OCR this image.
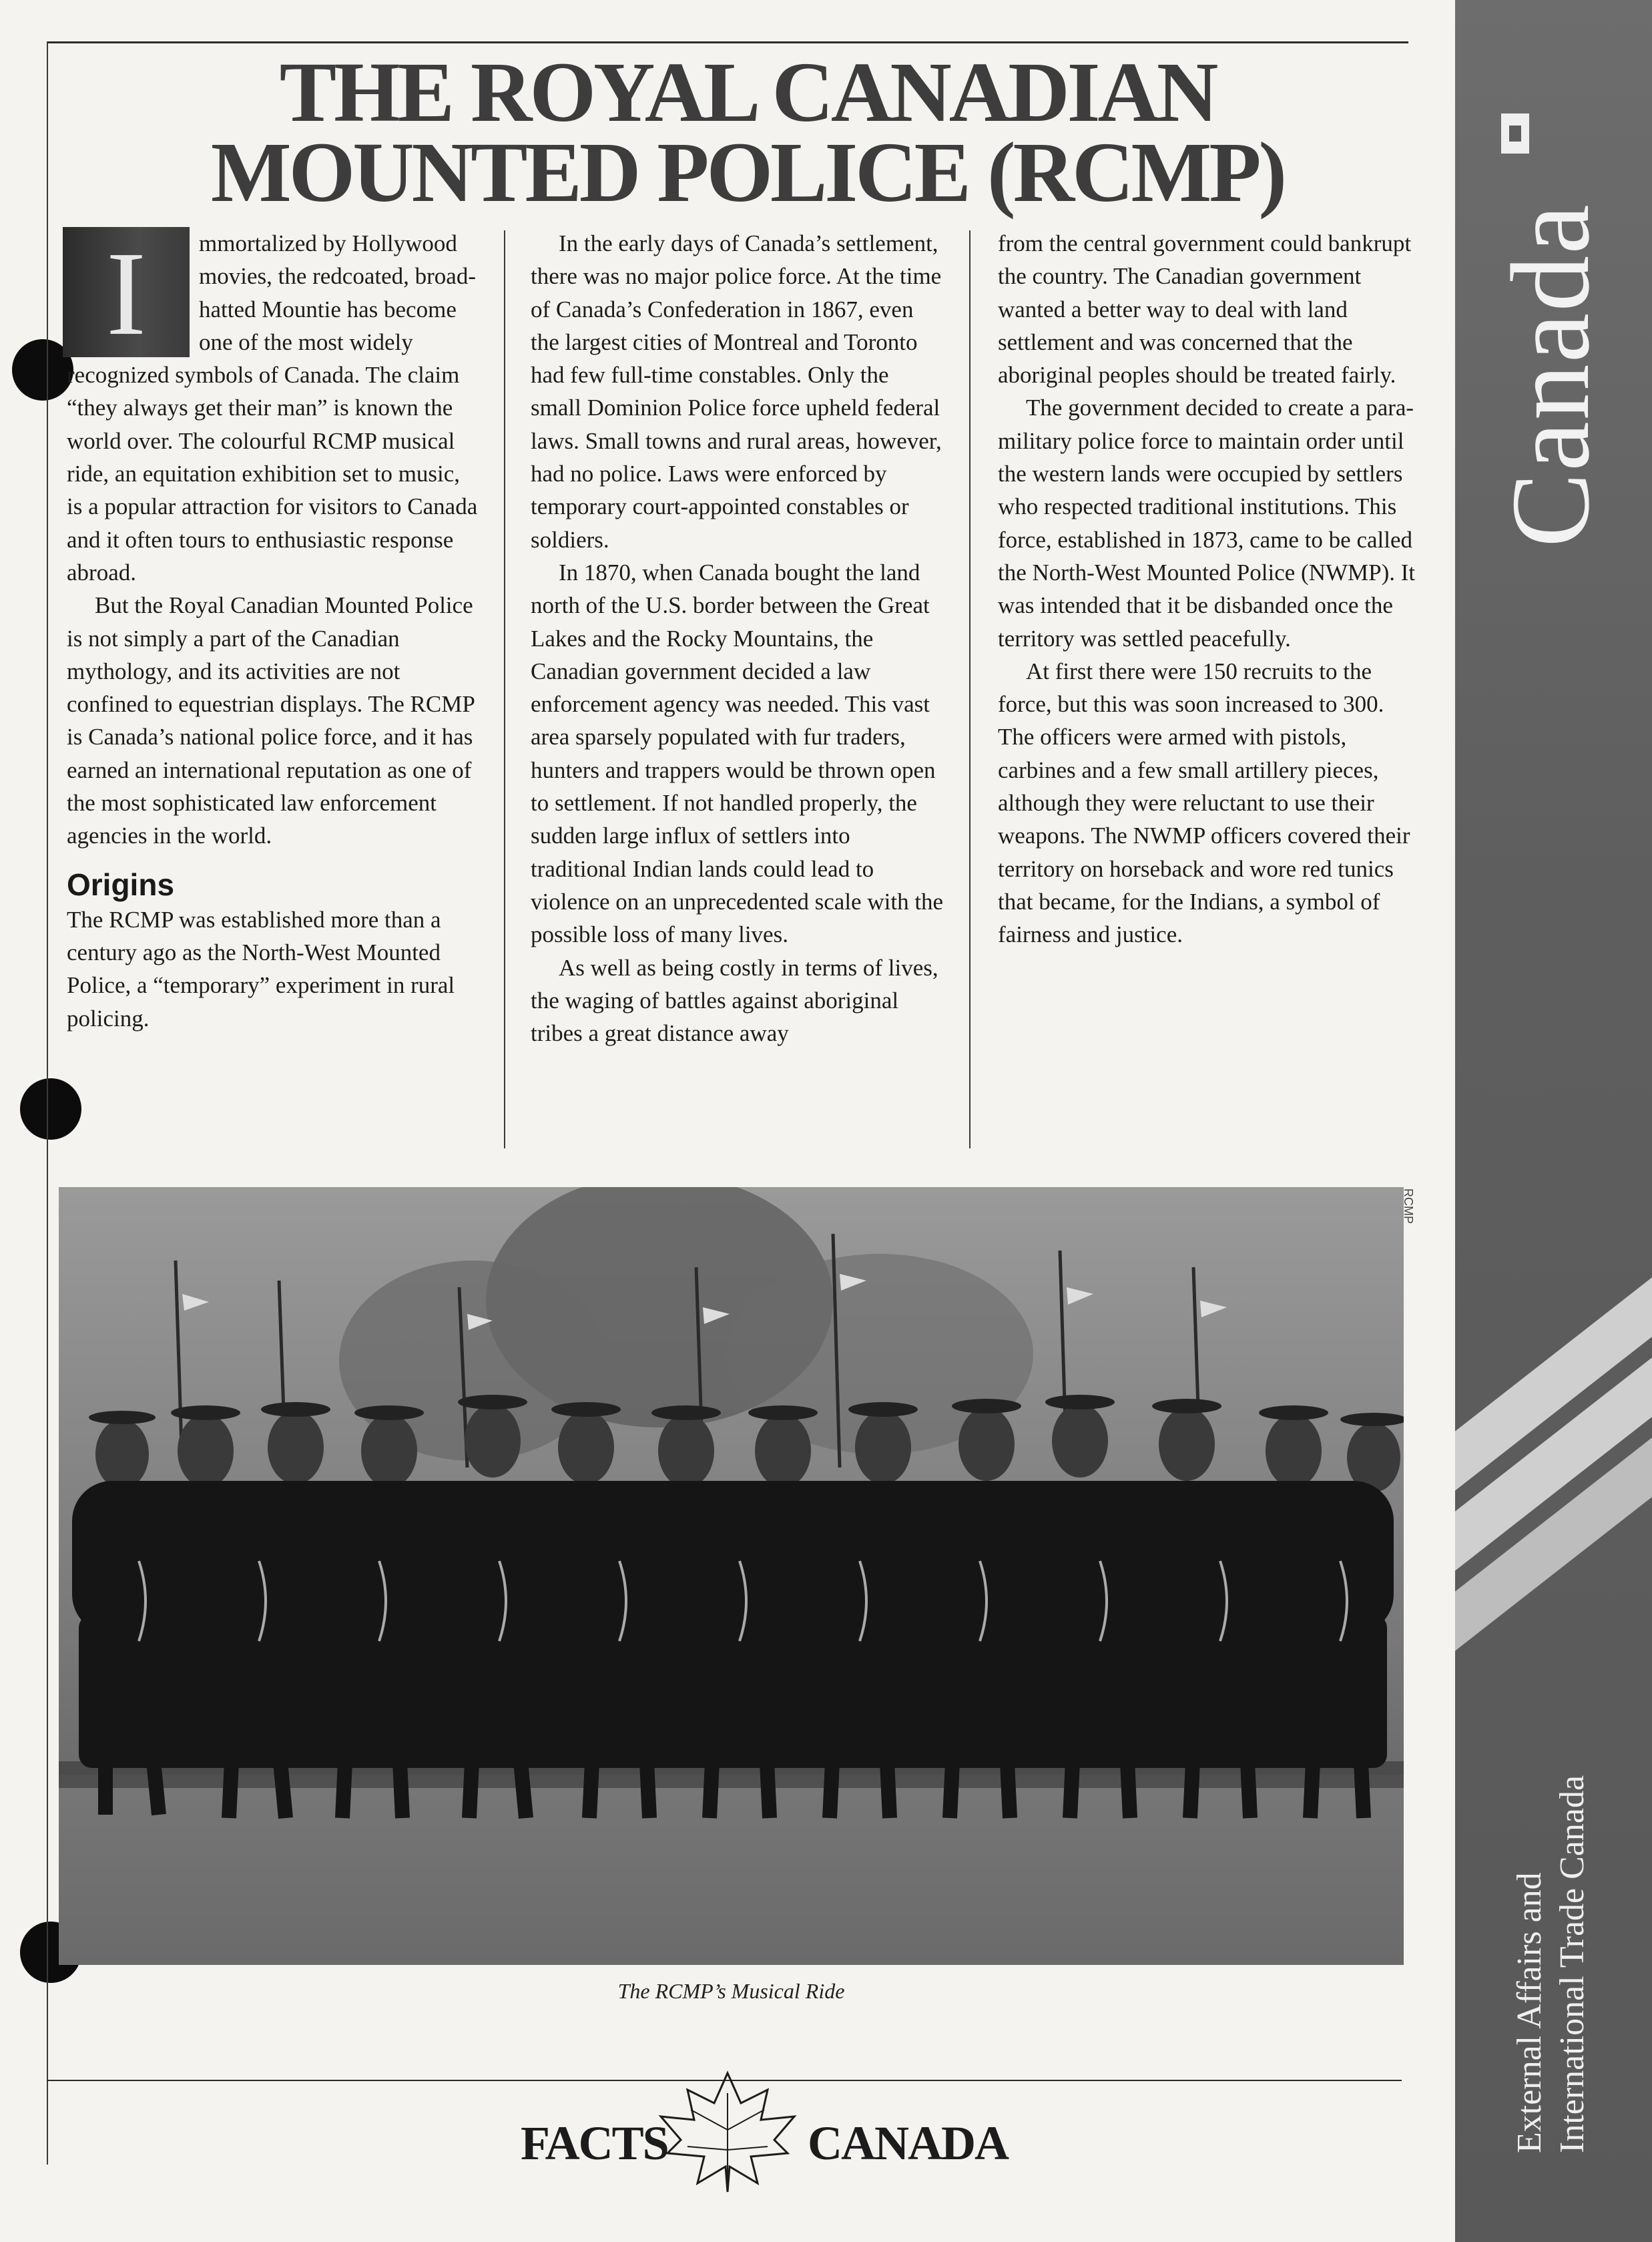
Canada
External Affairs and International Trade Canada
THE ROYAL CANADIAN
MOUNTED POLICE (RCMP)

I	mmortalized by Hollywood movies, the redcoated, broad-hatted Mountie has become one of the most widely recognized symbols of Canada. The claim “they always get their man” is known the world over. The colourful RCMP musical ride, an equitation exhibition set to music, is a popular attraction for visitors to Canada and it often tours to enthusiastic response abroad.

But the Royal Canadian Mounted Police is not simply a part of the Canadian mythology, and its activities are not confined to equestrian displays. The RCMP is Canada’s national police force, and it has earned an international reputation as one of the most sophisticated law enforcement agencies in the world.

Origins

The RCMP was established more than a century ago as the North-West Mounted Police, a “temporary” experiment in rural policing.

In the early days of Canada’s settlement, there was no major police force. At the time of Canada’s Confederation in 1867, even the largest cities of Montreal and Toronto had few full-time constables. Only the small Dominion Police force upheld federal laws. Small towns and rural areas, however, had no police. Laws were enforced by temporary court-appointed constables or soldiers.

In 1870, when Canada bought the land north of the U.S. border between the Great Lakes and the Rocky Mountains, the Canadian government decided a law enforcement agency was needed. This vast area sparsely populated with fur traders, hunters and trappers would be thrown open to settlement. If not handled properly, the sudden large influx of settlers into traditional Indian lands could lead to violence on an unprecedented scale with the possible loss of many lives.

As well as being costly in terms of lives, the waging of battles against aboriginal tribes a great distance away

from the central government could bankrupt the country. The Canadian government wanted a better way to deal with land settlement and was concerned that the aboriginal peoples should be treated fairly.

The government decided to create a para-military police force to maintain order until the western lands were occupied by settlers who respected traditional institutions. This force, established in 1873, came to be called the North-West Mounted Police (NWMP). It was intended that it be disbanded once the territory was settled peacefully.

At first there were 150 recruits to the force, but this was soon increased to 300. The officers were armed with pistols, carbines and a few small artillery pieces, although they were reluctant to use their weapons. The NWMP officers covered their territory on horseback and wore red tunics that became, for the Indians, a symbol of fairness and justice.

RCMP
The RCMP’s Musical Ride
FACTS	CANADA
